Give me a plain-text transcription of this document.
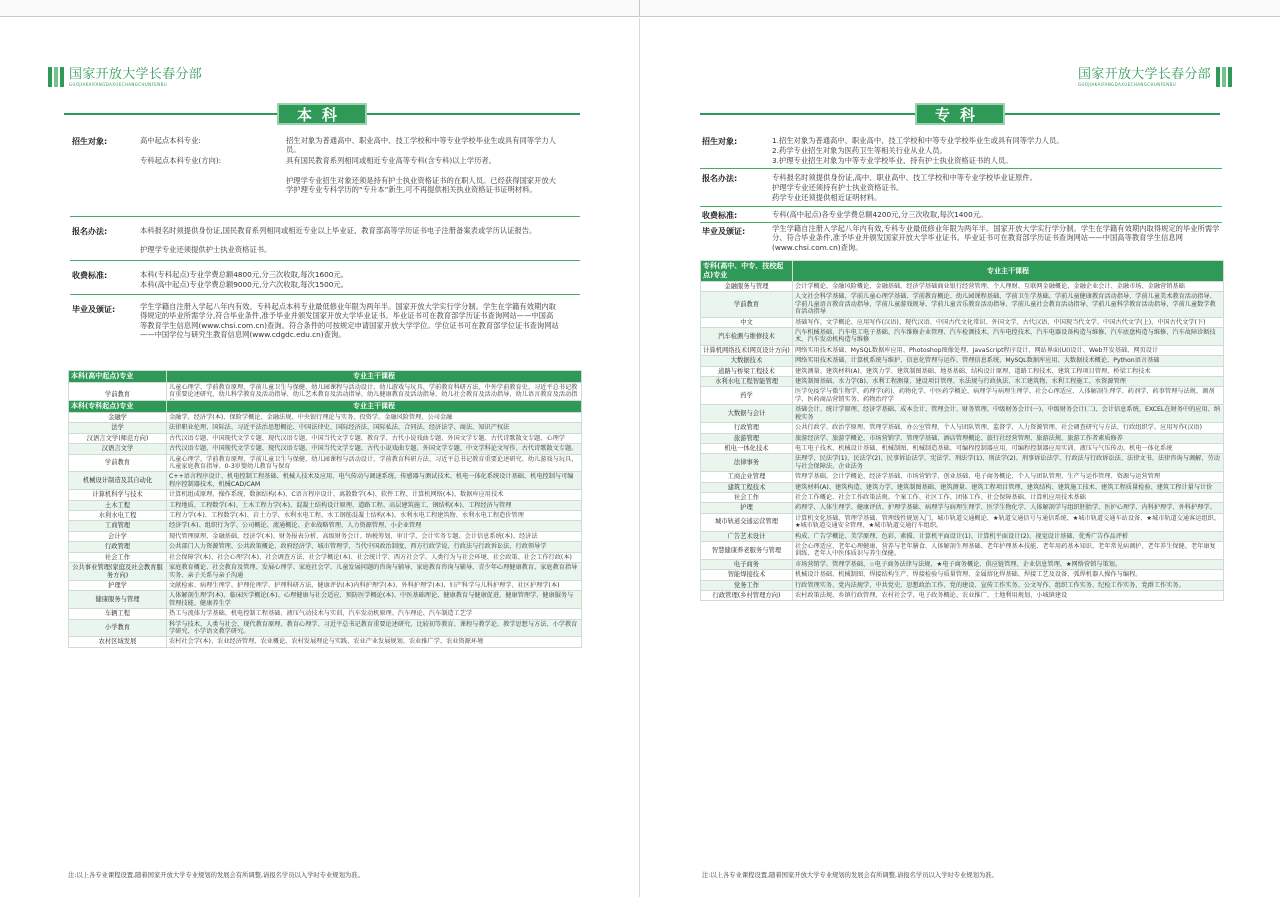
国家开放大学长春分部
GUOJIAKAIFANGDAXUECHANGCHUNFENBU
本科
招生对象:	高中起点本科专业:	招生对象为普通高中、职业高中、技工学校和中等专业学校毕业生或具有同等学力人员。
专科起点本科专业(方向):	具有国民教育系列相同或相近专业高等专科(含专科)以上学历者。
护理学专业招生对象还须是持有护士执业资格证书的在职人员。已经获得国家开放大学护理专业专科学历的“专升本”新生,可不再提供相关执业资格证书证明材料。
报名办法:	本科报名时须提供身份证,国民教育系列相同或相近专业以上毕业证、教育部高等学历证书电子注册备案表或学历认证报告。
护理学专业还须提供护士执业资格证书。
收费标准:	本科(专科起点)专业学费总额4800元,分三次收取,每次1600元。
本科(高中起点)专业学费总额9000元,分六次收取,每次1500元。
毕业及颁证:	学生学籍自注册入学起八年内有效。专科起点本科专业最低修业年限为两年半。国家开放大学实行学分制。学生在学籍有效期内取得规定的毕业所需学分,符合毕业条件,准予毕业并颁发国家开放大学毕业证书。毕业证书可在教育部学历证书查询网站——中国高等教育学生信息网(www.chsi.com.cn)查询。符合条件的可按规定申请国家开放大学学位。学位证书可在教育部学位证书查询网站——中国学位与研究生教育信息网(www.cdgdc.edu.cn)查询。
本科(高中起点)专业	专业主干课程
学前教育	儿童心理学、学前教育原理、学前儿童卫生与保健、幼儿园课程与活动设计、幼儿游戏与玩具、学前教育科研方法、中外学前教育史、习近平总书记教育重要论述研究、幼儿科学教育及活动指导、幼儿艺术教育及活动指导、幼儿健康教育及活动指导、幼儿社会教育及活动指导、幼儿语言教育及活动指
本科(专科起点)专业	专业主干课程
金融学	金融学、经济学(本)、保险学概论、金融法规、中央银行理论与实务、投资学、金融风险管理、公司金融
法学	法律职业伦理、国际法、习近平法治思想概论、中国法律史、国际经济法、国际私法、合同法、经济法学、商法、知识产权法
汉语言文学(师范方向)	古代汉语专题、中国现代文学专题、现代汉语专题、中国当代文学专题、教育学、古代小说戏曲专题、外国文学专题、古代诗歌散文专题、心理学
汉语言文学	古代汉语专题、中国现代文学专题、现代汉语专题、中国当代文学专题、古代小说戏曲专题、外国文学专题、中文学科论文写作、古代诗歌散文专题。
学前教育	儿童心理学、学前教育原理、学前儿童卫生与保健、幼儿园课程与活动设计、学前教育科研方法、习近平总书记教育重要论述研究、幼儿游戏与玩具、儿童家庭教育指导、0-3岁婴幼儿教育与保育
机械设计制造及其自动化	C++语言程序设计、机电控制工程基础、机械人技术及应用、电气传动与调速系统、传感器与测试技术、机电一体化系统设计基础、机电控制与可编程序控制器技术、机械CAD/CAM
计算机科学与技术	计算机组成原理、操作系统、数据结构(本)、C语言程序设计、离散数学(本)、软件工程、计算机网络(本)、数据库应用技术
土木工程	工程地质、工程数学(本)、土木工程力学(本)、混凝土结构设计原理、道路工程、高层建筑施工、钢结构(本)、工程经济与管理
水利水电工程	工程力学(本)、工程数学(本)、岩土力学、水利水电工程、水工钢筋混凝土结构(本)、水利水电工程建筑物、水利水电工程造价管理
工商管理	经济学(本)、组织行为学、公司概论、流通概论、企业战略管理、人力资源管理、小企业管理
会计学	现代管理原理、金融基础、经济学(本)、财务报表分析、高级财务会计、纳税筹划、审计学、会计实务专题、会计信息系统(本)、经济法
行政管理	公共部门人力资源管理、公共政策概论、政府经济学、城市管理学、当代中国政治制度、西方行政学说、行政法与行政诉讼法、行政领导学
社会工作	社会保障学(本)、社会心理学(本)、社会调查方法、社会学概论(本)、社会统计学、西方社会学、人类行为与社会环境、社会政策、社会工作行政(本)
公共事业管理(家庭及社会教育服务方向)	家庭教育概论、社会教育及管理、发展心理学、家庭社会学、儿童发展问题的咨询与辅导、家庭教育咨询与辅导、青少年心理健康教育、家庭教育指导实务、亲子关系与亲子沟通
护理学	文献检索、病理生理学、护理伦理学、护理科研方法、健康评估(本)内科护理学(本)、外科护理学(本)、妇产科学与儿科护理学、社区护理学(本)
健康服务与管理	人体解剖生理学(本)、临床医学概论(本)、心理健康与社会适应、预防医学概论(本)、中医基础理论、健康教育与健康促进、健康管理学、健康服务与管理技能、健康养生学
车辆工程	热工与流体力学基础、机电控制工程基础、液压气动技术与实训、汽车发动机原理、汽车理论、汽车制造工艺学
小学教育	科学与技术、人类与社会、现代教育原理、教育心理学、习近平总书记教育重要论述研究、比较初等教育、课程与教学论、教学思想与方法、小学教育学研究、小学语文教学研究。
农村区域发展	农村社会学(本)、农业经济管理、农业概论、农村发展理论与实践、农业产业发展规划、农业推广学、农业资源环境
注:以上各专业课程设置,随着国家开放大学专业规划的发展会有所调整,请报名学员以入学时专业规划为准。
国家开放大学长春分部
GUOJIAKAIFANGDAXUECHANGCHUNFENBU
专科
招生对象:	1.招生对象为普通高中、职业高中、技工学校和中等专业学校毕业生或具有同等学力人员。
2.药学专业招生对象为医药卫生等相关行业从业人员。
3.护理专业招生对象为中等专业学校毕业、持有护士执业资格证书的人员。
报名办法:	专科报名时须提供身份证,高中、职业高中、技工学校和中等专业学校毕业证原件。
护理学专业还须持有护士执业资格证书。
药学专业还须提供相近证明材料。
收费标准:	专科(高中起点)各专业学费总额4200元,分三次收取,每次1400元。
毕业及颁证:	学生学籍自注册入学起八年内有效,专科专业最低修业年限为两年半。国家开放大学实行学分制。学生在学籍有效期内取得规定的毕业所需学分、符合毕业条件,准予毕业并颁发国家开放大学毕业证书。毕业证书可在教育部学历证书查询网站——中国高等教育学生信息网(www.chsi.com.cn)查询。
专科(高中、中专、技校起点)专业	专业主干课程
金融服务与管理	会计学概论、金融风险概论、金融基础、经济学基础商业银行经营管理、个人理财、互联网金融概论、金融企业会计、金融市场、金融营销基础
学前教育	人文社会科学基础、学前儿童心理学基础、学前教育概论、幼儿园课程基础、学前卫生学基础、学前儿童健康教育活动指导、学前儿童美术教育活动指导、学前儿童语言教育活动指导、学前儿童游戏规导、学前儿童音乐教育活动指导、学前儿童社会教育活动指导、学前儿童科学教育活动指导、学前儿童数学教育活动指导
中文	基础写作、文学概论、应用写作(汉语)、现代汉语、中国古代文化常识、外国文学、古代汉语、中国现当代文学、中国古代文学(上)、中国古代文学(下)
汽车检测与维修技术	汽车机械基础、汽车电工电子基础、汽车维修企业管理、汽车检测技术、汽车电控技术、汽车电器设备构造与维修、汽车底盘构造与维修、汽车故障诊断技术、汽车发动机构造与维修
计算机网络技术(网页设计方向)	网络实用技术基础、MySQL数据库应用、Photoshop图像处理、JavaScript程序设计、网站界面(UI)设计、Web开发基础、网页设计
大数据技术	网络实用技术基础、计算机系统与维护、信息化管理与运作、管理信息系统、MySQL数据库应用、大数据技术概论、Python语言基础
道路与桥梁工程技术	建筑测量、建筑材料(A)、建筑力学、建筑制图基础、地基基础、结构设计原理、道路工程技术、建筑工程项目管理、桥梁工程技术
水利水电工程智能管理	建筑制图基础、水力学(B)、水利工程测量、建设项目管理、水法规与行政执法、水工建筑物、水利工程施工、水资源管理
药学	医学免疫学与微生物学、药理学(药)、药物化学、中医药学概论、病理学与病理生理学、社会心理适应、人体解剖生理学、药剂学、药事管理与法规、调剂学、医药商品营销实务、药物治疗学
大数据与会计	基础会计、统计学原理、经济学基础、成本会计、管理会计、财务管理、中级财务会计(一)、中级财务会计(二)、会计信息系统、EXCEL在财务中的应用、纳税实务
行政管理	公共行政学、政治学原理、管理学基础、办公室管理、个人与团队管理、监督学、人力资源管理、社会调查研究与方法、行政组织学、应用写作(汉语)
旅游管理	旅游经济学、旅游学概论、市场营销学、管理学基础、酒店管理概论、旅行社经营管理、旅游法规、旅游工作者素质修养
机电一体化技术	电工电子技术、机械设计基础、机械制图、机械制造基础、可编程控制器应用、可编程控制器应用实训、液压与气压传动、机电一体化系统
法律事务	法理学、民法学(1)、民法学(2)、民事诉讼法学、宪法学、刑法学(1)、刑法学(2)、刑事诉讼法学、行政法与行政诉讼法、法律文书、法律咨询与调解、劳动与社会保障法、企业法务
工商企业管理	管理学基础、会计学概论、经济学基础、市场营销学、创业基础、电子商务概论、个人与团队管理、生产与运作管理、资源与运营管理
建筑工程技术	建筑材料(A)、建筑构造、建筑力学、建筑制图基础、建筑测量、建筑工程项目管理、建筑结构、建筑施工技术、建筑工程质量检验、建筑工程计量与计价
社会工作	社会工作概论、社会工作政策法规、个案工作、社区工作、团体工作、社会保障基础、计算机应用技术基础
护理	药理学、人体生理学、健康评估、护理学基础、病理学与病理生理学、医学生物化学、人体解剖学与组织胚胎学、医护心理学、内科护理学、外科护理学。
城市轨道交通运营管理	计算机文化基础、管理学基础、管理线性规划入门、城市轨道交通概论、★轨道交通信号与通信系统、★城市轨道交通车站设备、★城市轨道交通客运组织、★城市轨道交通安全管理、★城市轨道交通行车组织。
广告艺术设计	构成、广告学概论、美学原理、色彩、素描、计算机平面设计(1)、计算机平面设计(2)、视觉设计基础、优秀广告作品评析
智慧健康养老服务与管理	社会心理适应、老年心理健康、营养与老年膳食、人体解剖生理基础、老年护理基本技能、老年用药基本知识、老年常见病调护、老年养生保健、老年康复训练、老年人中医体质识与养生保健。
电子商务	市场营销学、管理学基础、☆电子商务法律与法规、★电子商务概论、供应链管理、企业信息管理、★网络营销与策划。
智能焊接技术	机械设计基础、机械制图、焊接结构生产、焊接检验与质量管理、金属熔化焊基础、焊接工艺及设备、弧焊机器人操作与编程。
党务工作	行政管理实务、党内法规学、中共党史、思想政治工作、党的建设、宣传工作实务、公文写作、组织工作实务、纪检工作实务、党群工作实务。
行政管理(乡村管理方向)	农村政策法规、乡镇行政管理、农村社会学、电子政务概论、农业推广、土地利用规划、小城镇建设
注:以上各专业课程设置,随着国家开放大学专业规划的发展会有所调整,请报名学员以入学时专业规划为准。
